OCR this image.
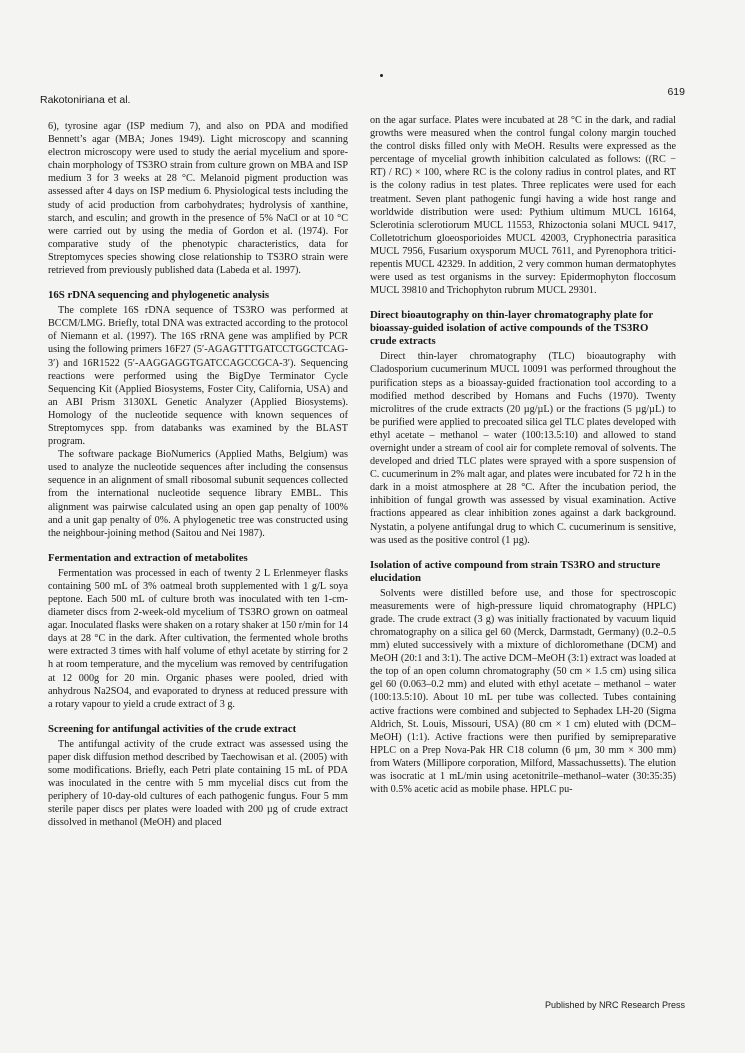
Rakotoniriana et al.
619

6), tyrosine agar (ISP medium 7), and also on PDA and modified Bennett’s agar (MBA; Jones 1949). Light microscopy and scanning electron microscopy were used to study the aerial mycelium and spore-chain morphology of TS3RO strain from culture grown on MBA and ISP medium 3 for 3 weeks at 28 °C. Melanoid pigment production was assessed after 4 days on ISP medium 6. Physiological tests including the study of acid production from carbohydrates; hydrolysis of xanthine, starch, and esculin; and growth in the presence of 5% NaCl or at 10 °C were carried out by using the media of Gordon et al. (1974). For comparative study of the phenotypic characteristics, data for Streptomyces species showing close relationship to TS3RO strain were retrieved from previously published data (Labeda et al. 1997).

16S rDNA sequencing and phylogenetic analysis

The complete 16S rDNA sequence of TS3RO was performed at BCCM/LMG. Briefly, total DNA was extracted according to the protocol of Niemann et al. (1997). The 16S rRNA gene was amplified by PCR using the following primers 16F27 (5′-AGAGTTTGATCCTGGCTCAG-3′) and 16R1522 (5′-AAGGAGGTGATCCAGCCGCA-3′). Sequencing reactions were performed using the BigDye Terminator Cycle Sequencing Kit (Applied Biosystems, Foster City, California, USA) and an ABI Prism 3130XL Genetic Analyzer (Applied Biosystems). Homology of the nucleotide sequence with known sequences of Streptomyces spp. from databanks was examined by the BLAST program.

The software package BioNumerics (Applied Maths, Belgium) was used to analyze the nucleotide sequences after including the consensus sequence in an alignment of small ribosomal subunit sequences collected from the international nucleotide sequence library EMBL. This alignment was pairwise calculated using an open gap penalty of 100% and a unit gap penalty of 0%. A phylogenetic tree was constructed using the neighbour-joining method (Saitou and Nei 1987).

Fermentation and extraction of metabolites

Fermentation was processed in each of twenty 2 L Erlenmeyer flasks containing 500 mL of 3% oatmeal broth supplemented with 1 g/L soya peptone. Each 500 mL of culture broth was inoculated with ten 1-cm-diameter discs from 2-week-old mycelium of TS3RO grown on oatmeal agar. Inoculated flasks were shaken on a rotary shaker at 150 r/min for 14 days at 28 °C in the dark. After cultivation, the fermented whole broths were extracted 3 times with half volume of ethyl acetate by stirring for 2 h at room temperature, and the mycelium was removed by centrifugation at 12 000g for 20 min. Organic phases were pooled, dried with anhydrous Na2SO4, and evaporated to dryness at reduced pressure with a rotary vapour to yield a crude extract of 3 g.

Screening for antifungal activities of the crude extract

The antifungal activity of the crude extract was assessed using the paper disk diffusion method described by Taechowisan et al. (2005) with some modifications. Briefly, each Petri plate containing 15 mL of PDA was inoculated in the centre with 5 mm mycelial discs cut from the periphery of 10-day-old cultures of each pathogenic fungus. Four 5 mm sterile paper discs per plates were loaded with 200 µg of crude extract dissolved in methanol (MeOH) and placed

on the agar surface. Plates were incubated at 28 °C in the dark, and radial growths were measured when the control fungal colony margin touched the control disks filled only with MeOH. Results were expressed as the percentage of mycelial growth inhibition calculated as follows: ((RC − RT) / RC) × 100, where RC is the colony radius in control plates, and RT is the colony radius in test plates. Three replicates were used for each treatment. Seven plant pathogenic fungi having a wide host range and worldwide distribution were used: Pythium ultimum MUCL 16164, Sclerotinia sclerotiorum MUCL 11553, Rhizoctonia solani MUCL 9417, Colletotrichum gloeosporioides MUCL 42003, Cryphonectria parasitica MUCL 7956, Fusarium oxysporum MUCL 7611, and Pyrenophora tritici-repentis MUCL 42329. In addition, 2 very common human dermatophytes were used as test organisms in the survey: Epidermophyton floccosum MUCL 39810 and Trichophyton rubrum MUCL 29301.

Direct bioautography on thin-layer chromatography plate for bioassay-guided isolation of active compounds of the TS3RO crude extracts

Direct thin-layer chromatography (TLC) bioautography with Cladosporium cucumerinum MUCL 10091 was performed throughout the purification steps as a bioassay-guided fractionation tool according to a modified method described by Homans and Fuchs (1970). Twenty microlitres of the crude extracts (20 µg/µL) or the fractions (5 µg/µL) to be purified were applied to precoated silica gel TLC plates developed with ethyl acetate – methanol – water (100:13.5:10) and allowed to stand overnight under a stream of cool air for complete removal of solvents. The developed and dried TLC plates were sprayed with a spore suspension of C. cucumerinum in 2% malt agar, and plates were incubated for 72 h in the dark in a moist atmosphere at 28 °C. After the incubation period, the inhibition of fungal growth was assessed by visual examination. Active fractions appeared as clear inhibition zones against a dark background. Nystatin, a polyene antifungal drug to which C. cucumerinum is sensitive, was used as the positive control (1 µg).

Isolation of active compound from strain TS3RO and structure elucidation

Solvents were distilled before use, and those for spectroscopic measurements were of high-pressure liquid chromatography (HPLC) grade. The crude extract (3 g) was initially fractionated by vacuum liquid chromatography on a silica gel 60 (Merck, Darmstadt, Germany) (0.2–0.5 mm) eluted successively with a mixture of dichloromethane (DCM) and MeOH (20:1 and 3:1). The active DCM–MeOH (3:1) extract was loaded at the top of an open column chromatography (50 cm × 1.5 cm) using silica gel 60 (0.063–0.2 mm) and eluted with ethyl acetate – methanol – water (100:13.5:10). About 10 mL per tube was collected. Tubes containing active fractions were combined and subjected to Sephadex LH-20 (Sigma Aldrich, St. Louis, Missouri, USA) (80 cm × 1 cm) eluted with (DCM–MeOH) (1:1). Active fractions were then purified by semipreparative HPLC on a Prep Nova-Pak HR C18 column (6 µm, 30 mm × 300 mm) from Waters (Millipore corporation, Milford, Massachussetts). The elution was isocratic at 1 mL/min using acetonitrile–methanol–water (30:35:35) with 0.5% acetic acid as mobile phase. HPLC pu-

Published by NRC Research Press
